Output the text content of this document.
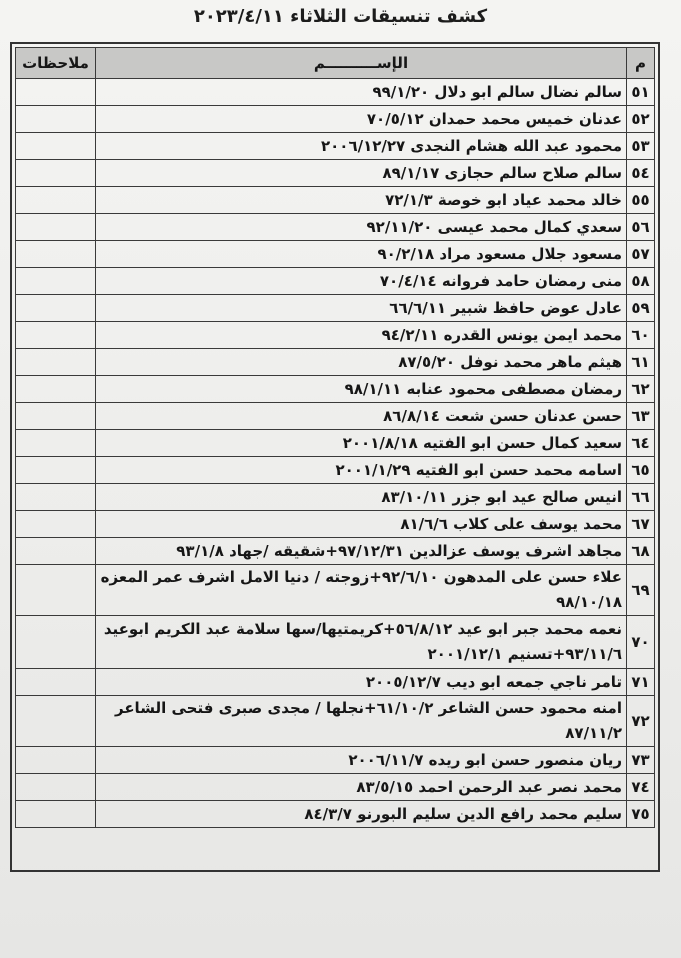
كشف تنسيقات الثلاثاء ٢٠٢٣/٤/١١
م	الإســــــــــم	ملاحظات
٥١	سالم نضال سالم ابو دلال ٩٩/١/٢٠	
٥٢	عدنان خميس محمد حمدان ٧٠/٥/١٢	
٥٣	محمود عبد الله هشام النجدى ٢٠٠٦/١٢/٢٧	
٥٤	سالم صلاح سالم حجازى ٨٩/١/١٧	
٥٥	خالد محمد عياد ابو خوصة ٧٢/١/٣	
٥٦	سعدي كمال محمد عيسى ٩٢/١١/٢٠	
٥٧	مسعود جلال مسعود مراد ٩٠/٢/١٨	
٥٨	منى رمضان حامد فروانه ٧٠/٤/١٤	
٥٩	عادل عوض حافظ شبير ٦٦/٦/١١	
٦٠	محمد ايمن يونس القدره ٩٤/٢/١١	
٦١	هيثم ماهر محمد نوفل ٨٧/٥/٢٠	
٦٢	رمضان مصطفى محمود عنابه ٩٨/١/١١	
٦٣	حسن عدنان حسن شعت ٨٦/٨/١٤	
٦٤	سعيد كمال حسن ابو الفتيه ٢٠٠١/٨/١٨	
٦٥	اسامه محمد حسن ابو الفتيه ٢٠٠١/١/٢٩	
٦٦	انيس صالح عيد ابو جزر ٨٣/١٠/١١	
٦٧	محمد يوسف على كلاب ٨١/٦/٦	
٦٨	مجاهد اشرف يوسف عزالدين ٩٧/١٢/٣١+شقيقه /جهاد ٩٣/١/٨	
٦٩	علاء حسن على المدهون ٩٢/٦/١٠+زوجته / دنيا الامل اشرف عمر المعزه ٩٨/١٠/١٨	
٧٠	نعمه محمد جبر ابو عيد ٥٦/٨/١٢+كريمتيها/سها سلامة عبد الكريم ابوعيد ٩٣/١١/٦+تسنيم ٢٠٠١/١٢/١	
٧١	تامر ناجي جمعه ابو ديب ٢٠٠٥/١٢/٧	
٧٢	امنه محمود حسن الشاعر ٦١/١٠/٢+نجلها / مجدى صبرى فتحى الشاعر ٨٧/١١/٢	
٧٣	ريان منصور حسن ابو ريده ٢٠٠٦/١١/٧	
٧٤	محمد نصر عبد الرحمن احمد ٨٣/٥/١٥	
٧٥	سليم محمد رافع الدين سليم البورنو ٨٤/٣/٧	
